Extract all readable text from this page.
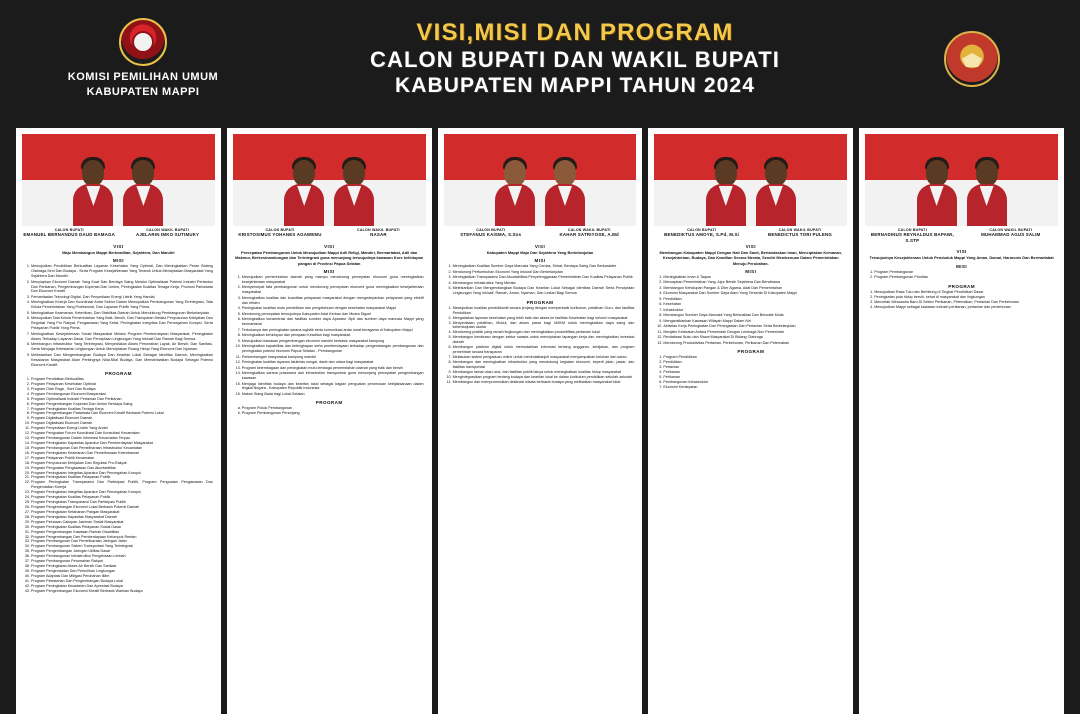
KOMISI PEMILIHAN UMUM
KABUPATEN MAPPI
VISI,MISI DAN PROGRAM
CALON BUPATI DAN WAKIL BUPATI
KABUPATEN MAPPI TAHUN 2024
CALON BUPATI
EMANUEL BERNANDUS DAUD BAMAGA
CALON WAKIL BUPATI
AJELARIN IMKO SUTIMUKY
VISI
Maju Membangun Mappi Berkeadilan, Sejahtera, Dan Mandiri
MISI
1. Mewujudkan Pendidikan Berkualitas Layanan Kesehatan Yang Optimal, Dan Meningkatkan Peran Bidang Olahraga,Seni Dan Budaya - Serta Program Kesejahteraan Yang Terarah Untuk Menciptakan Masyarakat Yang Sejahtera Dan Mandiri.
2. Menyiapkan Ekonomi Daerah Yang Kuat Dan Berdaya Saing Melalui Optimalisasi Potensi Industri Pertanian Dan Perikanan, Pengembangan Koperasi Dan Umkm, Peningkatan Kualitas Tenaga Kerja, Promosi Pariwisata Dan Ekonomi Kreatif.
3. Pemanfaatan Teknologi Digital, Dan Penyediaan Energi Listrik Yang Handal.
4. Meningkatkan Kinerja Dan Koordinasi Antar Sektor Dalam Mewujudkan Pembangunan Yang Terintegrasi, Tata Kelola Pemerintahan Yang Profesional, Dan Layanan Publik Yang Prima.
5. Meningkatkan Keamanan, Ketertiban, Dan Stabilitas Daerah Untuk Mendukung Pembangunan Berkelanjutan.
6. Mewujudkan Tata Kelola Pemerintahan Yang Baik, Bersih, Dan Transparan Melalui Penyusunan Kebijakan Dan Regulasi Yang Pro Rakyat, Pengawasan Yang Ketat, Peningkatan Integritas Dan Pencegahan Korupsi, Serta Pelayanan Publik Yang Prima.
7. Meningkatkan Kesejahteraan Sosial Masyarakat Melalui Program Pemberdayaan Masyarakat, Peningkatan Akses Terhadap Layanan Dasar, Dan Penciptaan Lingkungan Yang Inklusif Dan Ramah Bagi Semua.
8. Membangun Infrastruktur Yang Terintegrasi, Menyediakan Akses Perumahan Layak, Air Bersih, Dan Sanitasi, Serta Menjaga Kelestarian Lingkungan Untuk Menciptakan Ruang Hidup Yang Ekonomi Dan Nyaman.
9. Melestarikan Dan Mengembangkan Budaya Dan Kearifan Lokal Sebagai Identitas Daerah, Meningkatkan Kesadaran Masyarakat Akan Pentingnya Nilai-Nilai Budaya, Dan Memanfaatkan Budaya Sebagai Potensi Ekonomi Kreatif.
PROGRAM
1. Program Pendidikan Berkualitas
2. Program Pelayanan Kesehatan Optimal
3. Program Olah Raga , Seni Dan Budaya
4. Program Pembangunan Ekonomi Masyarakat
5. Program Optimalisasi Industri Pertanian Dan Perikanan
6. Program Pengembangan Koperasi Dan Umkm Berdaya Saing
7. Program Peningkatan Kualitas Tenaga Kerja
8. Program Pengembangan Pariwisata Dan Ekonomi Kreatif Berbasis Potensi Lokal
9. Program Digitalisasi Ekonomi Daerah
10. Program Digitalisasi Ekonomi Daerah
11. Program Penyediaan Energi Listrik Yang Andal
12. Program Penguatan Forum Koordinasi Dan Konsultasi Kecamatan
13. Program Pembangunan Dalam Informasi Kecamatan Terpau
14. Program Peningkatan Kapasitas Aparatur Dan Pemberdayaan Masyarakat
15. Program Pembangunan Dan Pemeliharaan Infrastruktur Kecamatan
16. Program Peningkatan Keamanan Dan Pemeliharaan Ketentraman
17. Program Pelayanan Publik Kecamatan
18. Program Penyusunan Kebijakan Dan Regulasi Pro-Rakyat
19. Program Penguatan Pengawasan Dan Akuntabilitas
20. Program Peningkatan Integritas Aparatur Dan Pencegahan Korupsi
21. Program Peningkatan Kualitas Pelayanan Publik
22. Program Peningkatan Transparansi Dan Partisipasi Publik, Program Penguatan Pengawasan Dan Pengendalian Kinerja
23. Program Peningkatan Integritas Aparatur Dan Pencegahan Korupsi
24. Program Peningkatan Kualitas Pelayanan Publik
25. Program Peningkatan Transparansi Dan Partisipasi Publik
26. Program Pengembangan Ekonomi Lokal Berbasis Potensi Daerah
27. Program Peningkatan Ketahanan Pangan Masyarakat
28. Program Peningkatan Kapasitas Masyarakat Daerah
29. Program Peluasan Cakupan Jaminan Sosial Masyarakat
30. Program Peningkatan Kualitas Pelayanan Sosial Dasar
31. Program Pengembangan Kawasan Ramah Disabilitas
32. Program Pengembangan Dan Pemberdayaan Kelompok Rentan
33. Program Pembangunan Dan Pemeliharaan Jaringan Jalan
34. Program Pembangunan Sistem Transportasi Yang Terintegrasi
35. Program Pengembangan Jaringan Utilitas Dasar
36. Program Pembangunan Infrastruktur Pengelolaan Limbah
37. Program Pembangunan Perumahan Rakyat
38. Program Peningkatan Akses Air Bersih Dan Sanitasi
39. Program Pengendalian Dan Pemulihan Lingkungan
40. Program Adaptasi Dan Mitigasi Perubahan Iklim
41. Program Pelestarian Dan Pengembangan Budaya Lokal
42. Program Peningkatan Kesadaran Dan Apresiasi Budaya
43. Program Pengembangan Ekonomi Kreatif Berbasis Warisan Budaya
CALON BUPATI
KRISTOSIMUS YOHANES AGAWEMU
CALON WAKIL BUPATI
NASAR
VISI
Percepatan Pembangunan Untuk Mewujudkan Mappi Adil Religi, Mandiri, Bermartabat, Adil dan Makmur, Berkesinambungan dan Terintegrasi guna menunjang terwujudnya kawasan Kore kehidupan pangan di Provinsi Papua Selatan
MISI
1. Mewujudkan pemerintahan daerah yang mampu mendorong percepatan ekonomi guna meningkatkan kesejahteraan masyarakat
2. Mempercepat tata pembangunan untuk mendorong percepatan ekonomi guna meningkatkan kesejahteraan masyarakat
3. Meningkatkan kualitas dan kuantitas pelayanan masyarakat dengan mengedepankan pelayanan yang efektif dan efisien
4. Peningkatan kualitas mutu pendidikan dan pengetahuan dengan kesehatan masyarakat Mappi
5. Mendorong percepatan terwujudnya Kabupaten Adat Kerbau dan Muara Digoel
6. Meningkatkan konsentrasi dan fasilitas sumber daya Aparatur Sipil dan sumber daya manusia Mappi yang bermartabat
7. Terbukanya dan peningkatan sarana logistik serta komunikasi antar umat beragama di Kabupaten Mappi
8. Meningkatkan kehidupan dan perayaan Keadilan bagi masyarakat.
9. Mewujudkan kawasan pengembangan ekonomi mandiri berbasis masyarakat kampung
10. Meningkatkan kapabilitas dan kelengkapan serta pemberdayaan terhadap pengembangan pembangunan dan peningkatan potensi ekonomi Papua Selatan - Pembangunan
11. Perkembangan masyarakat kampung mandiri
12. Peningkatan kualitas layanan lalulintas sungai, darat dan udara bagi masyarakat
13. Program kelembagaan dan peningkatan mutu lembaga pemerintahan daerah yang baik dan bersih
14. Meningkatkan sarana prasarana dan infrastruktur transportasi guna menunjang percepatan pengembangan kawasan
15. Menjaga identitas budaya dan kearifan lokal sebagai bagian penguatan perumusan kebijaksanaan dalam tingkat Negara - Kabupaten Republik Indonesia
16. Makan Siang Bada bagi Lokal-Selatan
PROGRAM
a. Program Pokok Pembangunan
b. Program Pembangunan Penunjang
CALON BUPATI
STEFANUS KAISMA, S.Sos
CALON WAKIL BUPATI
KAHAR SATRIYOSE, A.Md
VISI
Kabupaten Mappi Maju Dan Sejahtera Yang Berkelanjutan
MISI
1. Meningkatkan Kualitas Sumber Daya Manusia Yang Cerdas, Sehat, Berdaya Saing Dan Berkarakter
2. Mendorong Pertumbuhan Ekonomi Yang Inklusif Dan Berkelanjutan
3. Meningkatkan Transparansi Dan Akuntabilitas Penyelenggaraan Pemerintahan Dan Kualitas Pelayanan Publik
4. Membangun Infrastruktur Yang Merata
5. Melestarikan Dan Mengembangkan Budaya Dan Kearifan Lokal Sebagai Identitas Daerah Serta Penciptaan Lingkungan Yang Inklusif, Ramah, Aman, Nyaman, Dan Lestari Bagi Semua
PROGRAM
1. Mewujudkan kualitas pendidikanlit secara jenjang dengan memperbaiki kurikulum, pelatihan Guru, dan fasilitas Pendidikan
2. Mengadakan layanan kesehatan yang lebih baik dan akses ke fasilitas Kesehatan bagi seluruh masyarakat
3. Menyediakan pelatihan, Modul, dan akses pasar bagi UMKM untuk meningkatkan daya saing dan keberlanjutan usaha
4. Mendorong praktik yang ramah lingkungan dan meningkatkan produktifitas pertanian lokal
5. Membangun kemitraan dengan sektor swasta untuk menciptakan lapangan kerja dan meningkatkan investasi daerah
6. Membangun platform digital untuk memudahkan informasi tentang anggaran, kebijakan, dan program pemerintah secara transparan
7. Melakukan sistem pengaduan online untuk menindaklanjuti masyarakat menyampaikan keluhan dan saran
8. Membangun dan meningkatkan infrastruktur yang mendukung kegiatan ekonomi, seperti jalan, pasar, dan fasilitas transportasi
9. Membangun taman atau ulos, dan fasilitas publik lainya untuk meningkatkan kualitas hidup masyarakat
10. Mengintegrasikan program tentang budaya dan kearifan lokal ke dalam kurikulum pendidikan sekolah-sekolah
11. Membangun dan mempromosikan destinasi wisata berbasis budaya yang melibatkan masyarakat lokal
CALON BUPATI
BENEDIKTUS AMOYE, S.Pd, M.Si
CALON WAKIL BUPATI
BENEDICTUS TORI PULENG
VISI
Membangun Kabupaten Mappi Dengan Hati Dan Santi, Berlandaskan Iman, Menciptakan Kemanan, Kesejahteraan, Budaya, Dan Keadilan Secara Merata, Sendiri Membenuan Dalam Pemerintahan Menuju Perubahan.
MISI
1. Meningkatkan Iman & Taqwa
2. Mencapkan Pemerintahan Yang Jujur Bersih Sejahtera Dan Berwibawa
3. Membangun Kehidupan Pangan & Diler Agama, Adat Dan Pemerintahan
4. Ekonomi Masyarakat Dan Sumber Daya Alam Yang Tersedia Di Kabupaten Mappi
5. Pendidikan
6. Kesehatan
7. Infrastruktur
8. Membangun Sumber Daya Manusia Yang Berkualitas Dan Beradab Mulia
9. Mengarisikankan Kawasan Wilayah Mappi Dalam Niri
10. Aktivitas Kerja Peningkatan Dan Peningkatan Dan Pertanian Serta Berkelanjutan
11. Menjalin Kelekatan Antara Pemerintah Dengan Lembaga Non Pemerintah
12. Revitalisasi Buku dan Siswa Masyarakat Di Bidang Olahraga
13. Mendorong Produktivitas Pertanian, Perkebunan, Perikanan Dan Peternakan
PROGRAM
1. Program Pendidikan
2. Pendidikan
3. Pertanian
4. Perikanan
5. Perikanan
6. Pembangunan Infrastruktur
7. Ekonomi Kerakyatan
CALON BUPATI
BERNADINUS REYNALDUS BAPAWI, S.STP
CALON WAKIL BUPATI
MUHAMMAD AGUS SALIM
VISI
Terwujudnya Kesejahteraan Untuk Penduduk Mappi Yang Aman, Damai, Harmonis Dan Bermartabat
MISI
1. Program Pembangunan
2. Program Pembangunan Prioritas
PROGRAM
1. Mewujudkan Rasa Tulu dan Berbitung di Tingkat Pendidikan Dasar
2. Peningkatan pola hidup bersih, sehat di masyarakat dan lingkungan
3. Mencetak Wirausaha Baru Di Sektor Perikanan, Peternakan, Pertanian Dan Perkebunan
4. Mewujudkan Mappi sebagai kawasan industri perikanan, pertanian dan perkebunan
